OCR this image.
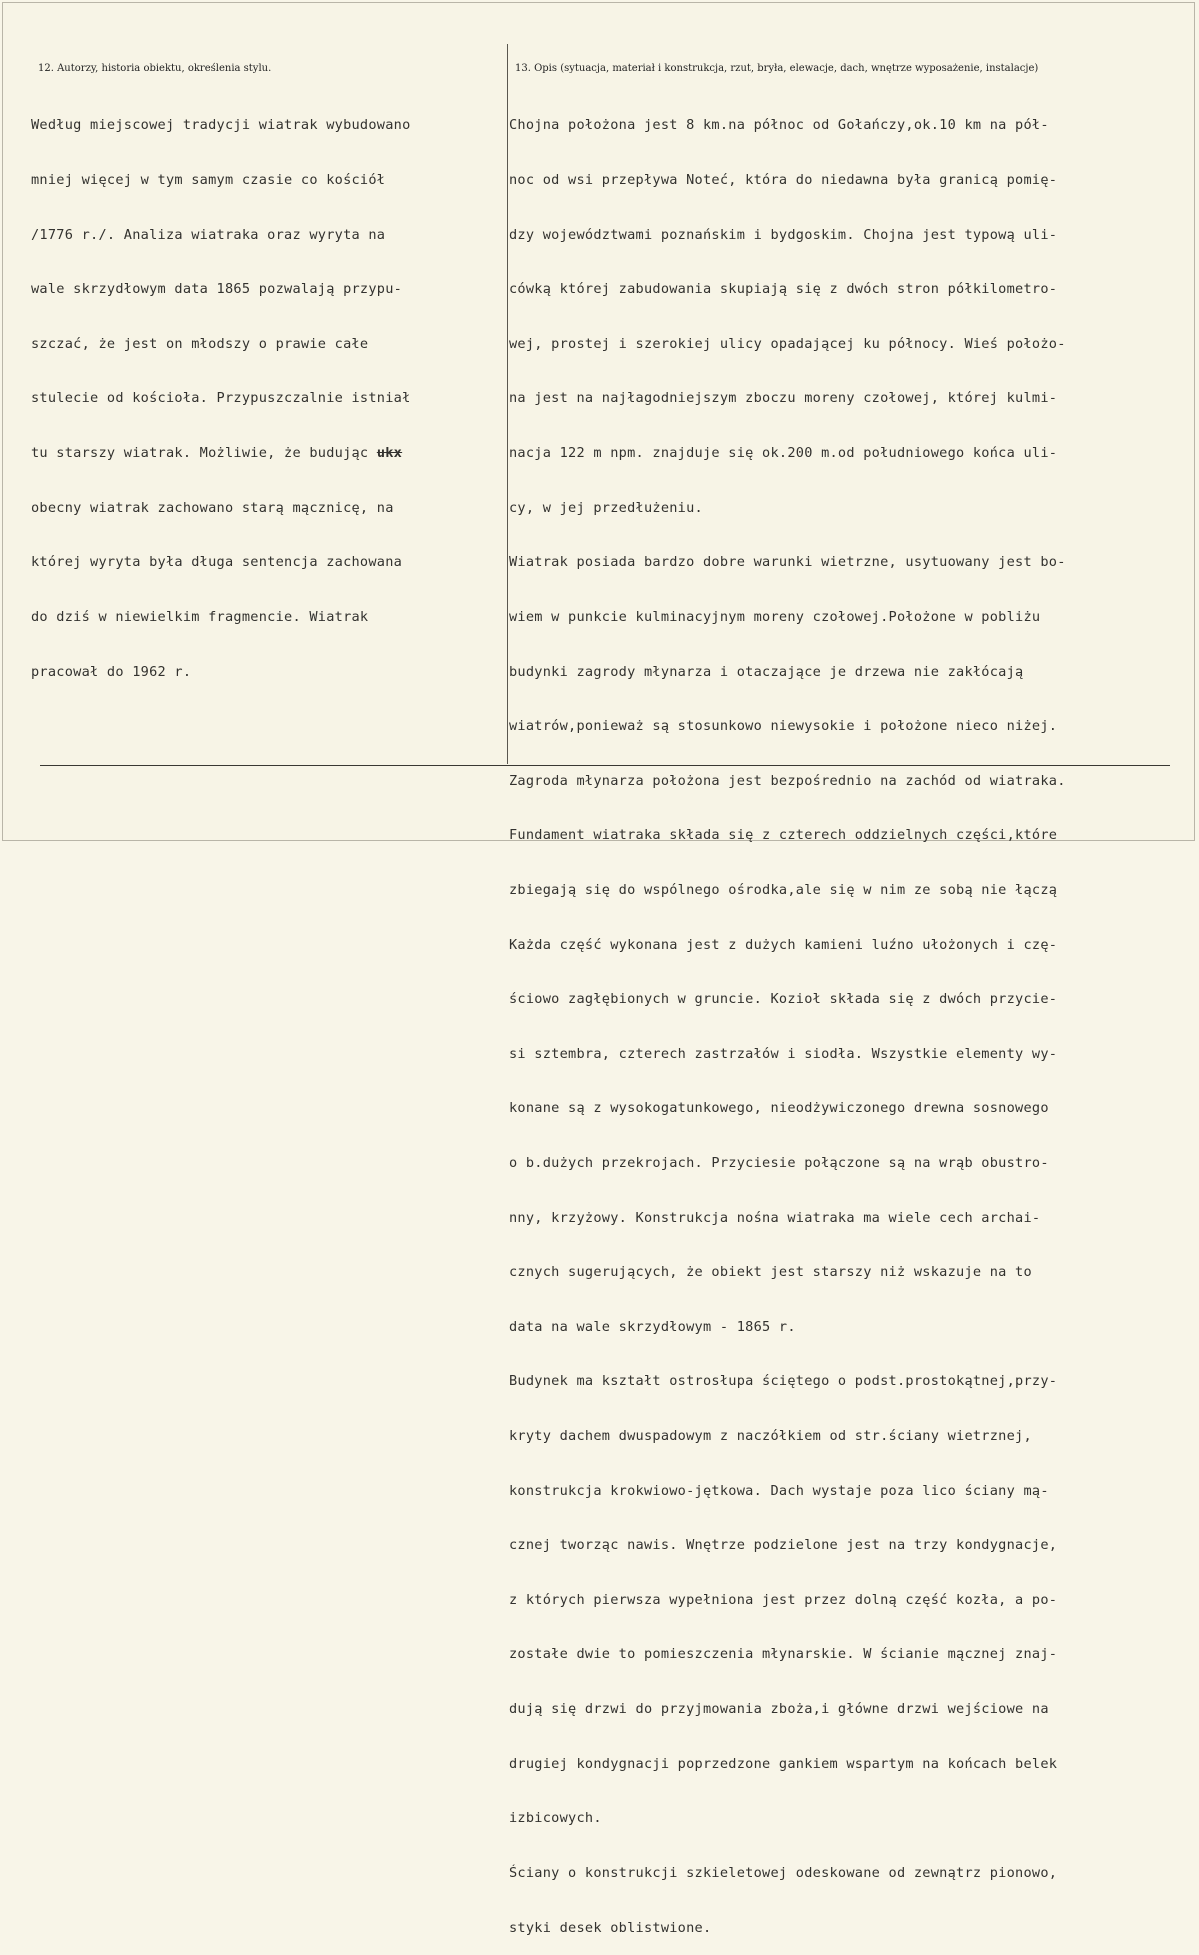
12. Autorzy, historia obiektu, określenia stylu.	13. Opis (sytuacja, materiał i konstrukcja, rzut, bryła, elewacje, dach, wnętrze wyposażenie, instalacje)

Według miejscowej tradycji wiatrak wybudowano

mniej więcej w tym samym czasie co kościół

/1776 r./. Analiza wiatraka oraz wyryta na

wale skrzydłowym data 1865 pozwalają przypu-

szczać, że jest on młodszy o prawie całe

stulecie od kościoła. Przypuszczalnie istniał

tu starszy wiatrak. Możliwie, że budując ukx

obecny wiatrak zachowano starą mącznicę, na

której wyryta była długa sentencja zachowana

do dziś w niewielkim fragmencie. Wiatrak

pracował do 1962 r.

Chojna położona jest 8 km.na północ od Gołańczy,ok.10 km na pół-

noc od wsi przepływa Noteć, która do niedawna była granicą pomię-

dzy województwami poznańskim i bydgoskim. Chojna jest typową uli-

cówką której zabudowania skupiają się z dwóch stron półkilometro-

wej, prostej i szerokiej ulicy opadającej ku północy. Wieś położo-

na jest na najłagodniejszym zboczu moreny czołowej, której kulmi-

nacja 122 m npm. znajduje się ok.200 m.od południowego końca uli-

cy, w jej przedłużeniu.

Wiatrak posiada bardzo dobre warunki wietrzne, usytuowany jest bo-

wiem w punkcie kulminacyjnym moreny czołowej.Położone w pobliżu

budynki zagrody młynarza i otaczające je drzewa nie zakłócają

wiatrów,ponieważ są stosunkowo niewysokie i położone nieco niżej.

Zagroda młynarza położona jest bezpośrednio na zachód od wiatraka.

Fundament wiatraka składa się z czterech oddzielnych części,które

zbiegają się do wspólnego ośrodka,ale się w nim ze sobą nie łączą

Każda część wykonana jest z dużych kamieni luźno ułożonych i czę-

ściowo zagłębionych w gruncie. Kozioł składa się z dwóch przycie-

si sztembra, czterech zastrzałów i siodła. Wszystkie elementy wy-

konane są z wysokogatunkowego, nieodżywiczonego drewna sosnowego

o b.dużych przekrojach. Przyciesie połączone są na wrąb obustro-

nny, krzyżowy. Konstrukcja nośna wiatraka ma wiele cech archai-

cznych sugerujących, że obiekt jest starszy niż wskazuje na to

data na wale skrzydłowym - 1865 r.

Budynek ma kształt ostrosłupa ściętego o podst.prostokątnej,przy-

kryty dachem dwuspadowym z naczółkiem od str.ściany wietrznej,

konstrukcja krokwiowo-jętkowa. Dach wystaje poza lico ściany mą-

cznej tworząc nawis. Wnętrze podzielone jest na trzy kondygnacje,

z których pierwsza wypełniona jest przez dolną część kozła, a po-

zostałe dwie to pomieszczenia młynarskie. W ścianie mącznej znaj-

dują się drzwi do przyjmowania zboża,i główne drzwi wejściowe na

drugiej kondygnacji poprzedzone gankiem wspartym na końcach belek

izbicowych.

Ściany o konstrukcji szkieletowej odeskowane od zewnątrz pionowo,

styki desek oblistwione.
